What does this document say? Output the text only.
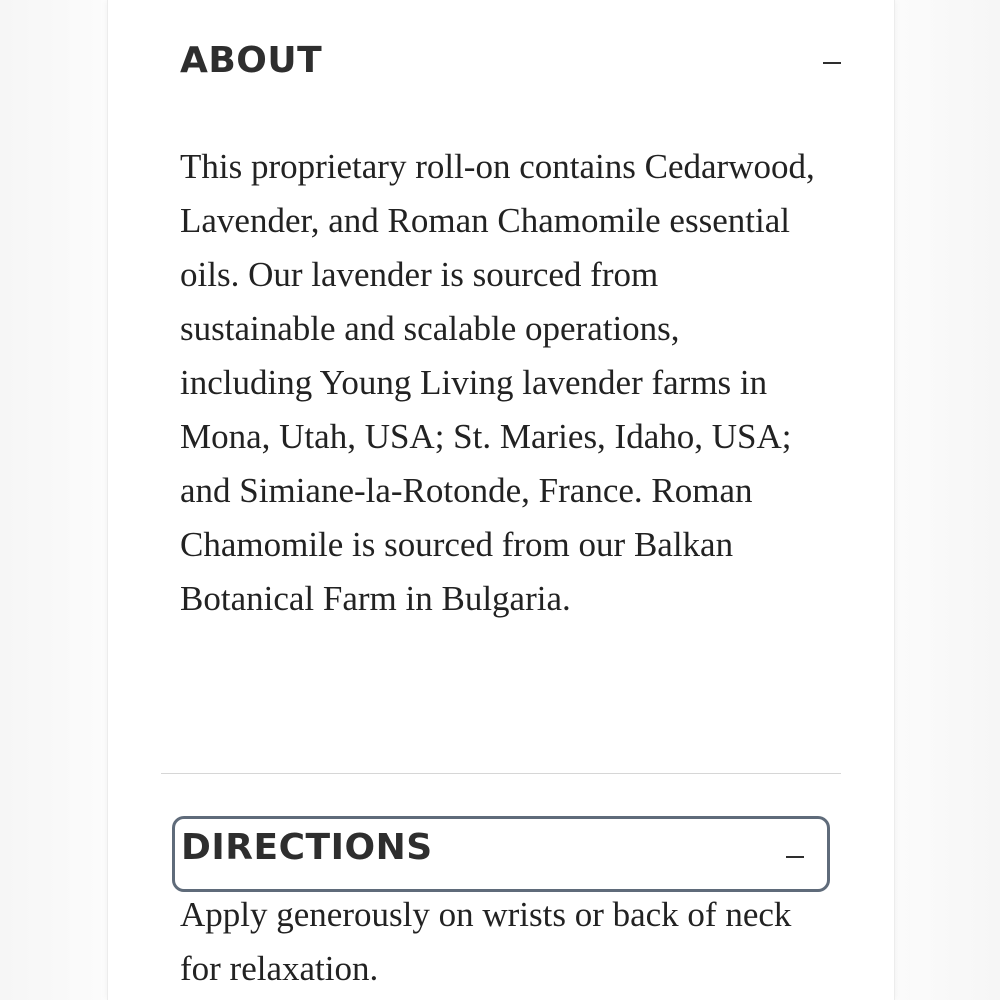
ABOUT

This proprietary roll-on contains Cedarwood, Lavender, and Roman Chamomile essential oils. Our lavender is sourced from sustainable and scalable operations, including Young Living lavender farms in Mona, Utah, USA; St. Maries, Idaho, USA; and Simiane-la-Rotonde, France. Roman Chamomile is sourced from our Balkan Botanical Farm in Bulgaria.

DIRECTIONS

Apply generously on wrists or back of neck for relaxation.
